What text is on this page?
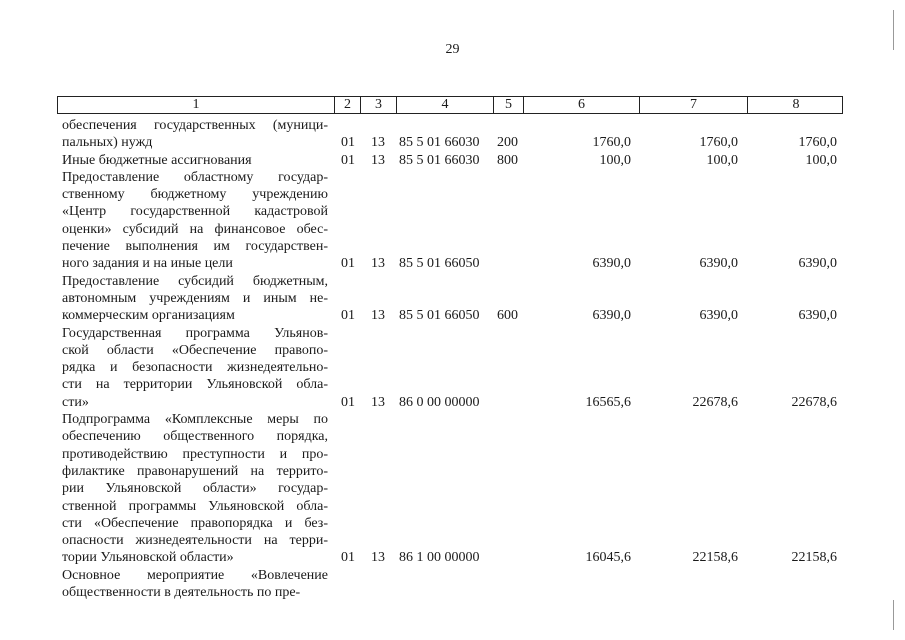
29
1	2	3	4	5	6	7	8
обеспечения государственных (муници-
пальных) нужд	01 13 85 5 01 66030 200	1760,0	1760,0	1760,0
Иные бюджетные ассигнования	01 13 85 5 01 66030 800	100,0	100,0	100,0
Предоставление областному государ-
ственному бюджетному учреждению
«Центр государственной кадастровой
оценки» субсидий на финансовое обес-
печение выполнения им государствен-
ного задания и на иные цели	01 13 85 5 01 66050	6390,0	6390,0	6390,0
Предоставление субсидий бюджетным,
автономным учреждениям и иным не-
коммерческим организациям	01 13 85 5 01 66050 600	6390,0	6390,0	6390,0
Государственная программа Ульянов-
ской области «Обеспечение правопо-
рядка и безопасности жизнедеятельно-
сти на территории Ульяновской обла-
сти»	01 13 86 0 00 00000	16565,6	22678,6	22678,6
Подпрограмма «Комплексные меры по
обеспечению общественного порядка,
противодействию преступности и про-
филактике правонарушений на террито-
рии Ульяновской области» государ-
ственной программы Ульяновской обла-
сти «Обеспечение правопорядка и без-
опасности жизнедеятельности на терри-
тории Ульяновской области»	01 13 86 1 00 00000	16045,6	22158,6	22158,6
Основное мероприятие «Вовлечение
общественности в деятельность по пре-
